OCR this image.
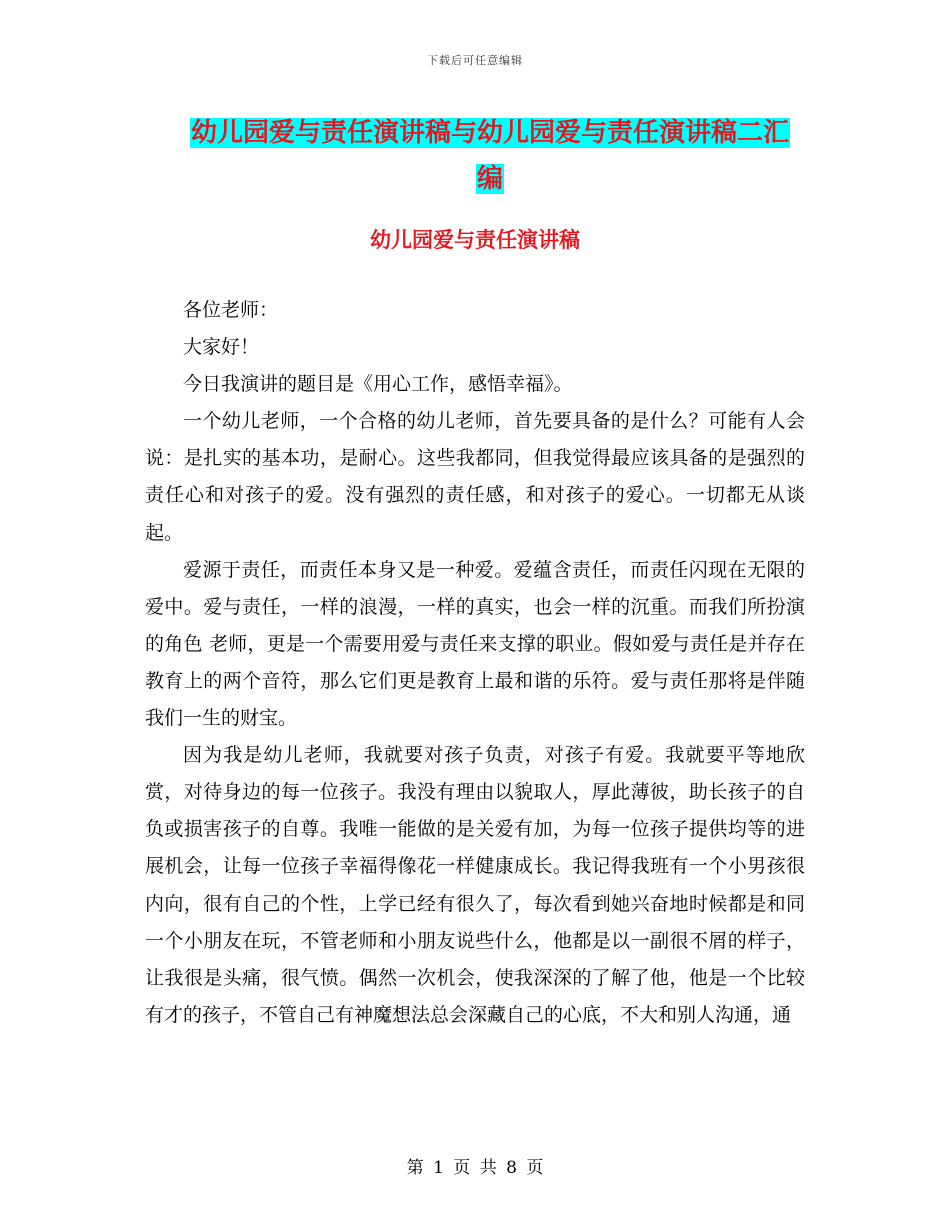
下载后可任意编辑
幼儿园爱与责任演讲稿与幼儿园爱与责任演讲稿二汇
编
幼儿园爱与责任演讲稿

各位老师：

大家好！

今日我演讲的题目是《用心工作，感悟幸福》。

一个幼儿老师，一个合格的幼儿老师，首先要具备的是什么？可能有人会说：是扎实的基本功，是耐心。这些我都同，但我觉得最应该具备的是强烈的责任心和对孩子的爱。没有强烈的责任感，和对孩子的爱心。一切都无从谈起。

爱源于责任，而责任本身又是一种爱。爱蕴含责任，而责任闪现在无限的爱中。爱与责任，一样的浪漫，一样的真实，也会一样的沉重。而我们所扮演的角色 老师，更是一个需要用爱与责任来支撑的职业。假如爱与责任是并存在教育上的两个音符，那么它们更是教育上最和谐的乐符。爱与责任那将是伴随我们一生的财宝。

因为我是幼儿老师，我就要对孩子负责，对孩子有爱。我就要平等地欣赏，对待身边的每一位孩子。我没有理由以貌取人，厚此薄彼，助长孩子的自负或损害孩子的自尊。我唯一能做的是关爱有加，为每一位孩子提供均等的进展机会，让每一位孩子幸福得像花一样健康成长。我记得我班有一个小男孩很内向，很有自己的个性，上学已经有很久了，每次看到她兴奋地时候都是和同一个小朋友在玩，不管老师和小朋友说些什么，他都是以一副很不屑的样子，让我很是头痛，很气愤。偶然一次机会，使我深深的了解了他，他是一个比较有才的孩子，不管自己有神魔想法总会深藏自己的心底，不大和别人沟通，通

第 1 页 共 8 页
